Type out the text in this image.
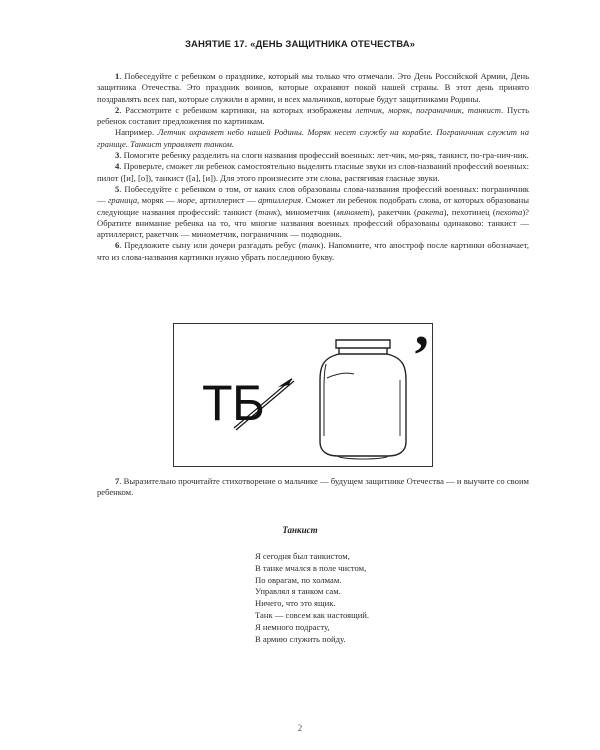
ЗАНЯТИЕ 17. «ДЕНЬ ЗАЩИТНИКА ОТЕЧЕСТВА»

1. Побеседуйте с ребенком о празднике, который мы только что отмечали. Это День Российской Армии, День защитника Отечества. Это праздник воинов, которые охраняют покой нашей страны. В этот день принято поздравлять всех пап, которые служили в армии, и всех мальчиков, которые будут защитниками Родины.

2. Рассмотрите с ребенком картинки, на которых изображены летчик, моряк, пограничник, танкист. Пусть ребенок составит предложения по картинкам.

Например. Летчик охраняет небо нашей Родины. Моряк несет службу на корабле. Пограничник служит на границе. Танкист управляет танком.

3. Помогите ребенку разделить на слоги названия профессий военных: лет-чик, мо-ряк, танкист, по-гра-нич-ник.

4. Проверьте, сможет ли ребенок самостоятельно выделить гласные звуки из слов-названий профессий военных: пилот ([и], [о]), танкист ([а], [и]). Для этого произнесите эти слова, растягивая гласные звуки.

5. Побеседуйте с ребенком о том, от каких слов образованы слова-названия профессий военных: пограничник — граница, моряк — море, артиллерист — артиллерия. Сможет ли ребенок подобрать слова, от которых образованы следующие названия профессий: танкист (танк), минометчик (миномет), ракетчик (ракета), пехотинец (пехота)? Обратите внимание ребенка на то, что многие названия военных профессий образованы одинаково: танкист — артиллерист, ракетчик — минометчик, пограничник — подводник.

6. Предложите сыну или дочери разгадать ребус (танк). Напомните, что апостроф после картинки обозначает, что из слова-названия картинки нужно убрать последнюю букву.

Т Б
’

7. Выразительно прочитайте стихотворение о мальчике — будущем защитнике Отечества — и выучите со своим ребенком.

Танкист
Я сегодня был танкистом,
В танке мчался в поле чистом,
По оврагам, по холмам.
Управлял я танком сам.
Ничего, что это ящик.
Танк — совсем как настоящий.
Я немного подрасту,
В армию служить пойду.
2
